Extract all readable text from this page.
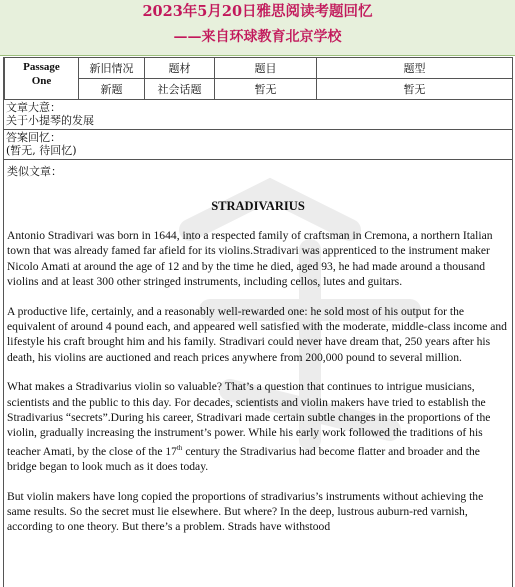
2023年5月20日雅思阅读考题回忆
——来自环球教育北京学校
Passage
One	新旧情况	题材	题目	题型
	新题	社会话题	暂无	暂无
文章大意：
关于小提琴的发展
答案回忆：
(暂无, 待回忆)
类似文章：
STRADIVARIUS

Antonio Stradivari was born in 1644, into a respected family of craftsman in Cremona, a northern Italian town that was already famed far afield for its violins.Stradivari was apprenticed to the instrument maker Nicolo Amati at around the age of 12 and by the time he died, aged 93, he had made around a thousand violins and at least 300 other stringed instruments, including cellos, lutes and guitars.

A productive life, certainly, and a reasonably well-rewarded one: he sold most of his output for the equivalent of around 4 pound each, and appeared well satisfied with the moderate, middle-class income and lifestyle his craft brought him and his family. Stradivari could never have dream that, 250 years after his death, his violins are auctioned and reach prices anywhere from 200,000 pound to several million.

What makes a Stradivarius violin so valuable? That’s a question that continues to intrigue musicians, scientists and the public to this day. For decades, scientists and violin makers have tried to establish the Stradivarius “secrets”.During his career, Stradivari made certain subtle changes in the proportions of the violin, gradually increasing the instrument’s power. While his early work followed the traditions of his teacher Amati, by the close of the 17th century the Stradivarius had become flatter and broader and the bridge began to look much as it does today.

But violin makers have long copied the proportions of stradivarius’s instruments without achieving the same results. So the secret must lie elsewhere. But where? In the deep, lustrous auburn-red varnish, according to one theory. But there’s a problem. Strads have withstood
